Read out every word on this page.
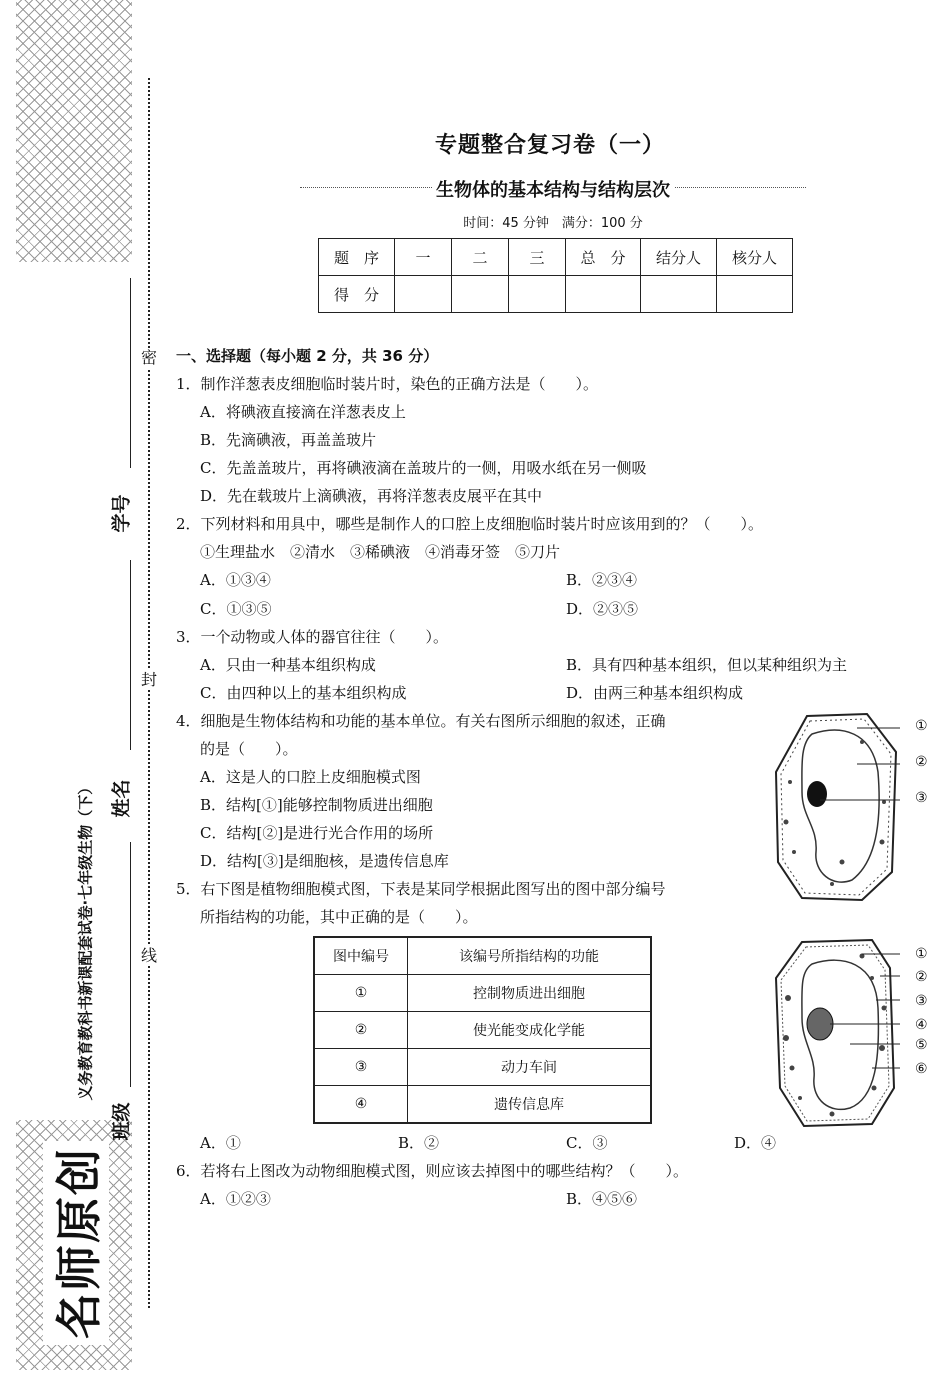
名师原创
义务教育教科书新课配套试卷·七年级生物（下）
学号
姓名
班级
密
封
线
专题整合复习卷（一）
生物体的基本结构与结构层次
时间：45 分钟　满分：100 分
题　序	一	二	三	总　分	结分人	核分人
得　分						
一、选择题（每小题 2 分，共 36 分）
1．制作洋葱表皮细胞临时装片时，染色的正确方法是（　　）。
A．将碘液直接滴在洋葱表皮上
B．先滴碘液，再盖盖玻片
C．先盖盖玻片，再将碘液滴在盖玻片的一侧，用吸水纸在另一侧吸
D．先在载玻片上滴碘液，再将洋葱表皮展平在其中
2．下列材料和用具中，哪些是制作人的口腔上皮细胞临时装片时应该用到的？（　　）。
①生理盐水　②清水　③稀碘液　④消毒牙签　⑤刀片
A．①③④	B．②③④
C．①③⑤	D．②③⑤
3．一个动物或人体的器官往往（　　）。
A．只由一种基本组织构成	B．具有四种基本组织，但以某种组织为主
C．由四种以上的基本组织构成	D．由两三种基本组织构成
4．细胞是生物体结构和功能的基本单位。有关右图所示细胞的叙述，正确
的是（　　）。
A．这是人的口腔上皮细胞模式图
B．结构[①]能够控制物质进出细胞
C．结构[②]是进行光合作用的场所
D．结构[③]是细胞核，是遗传信息库
①
②
③
5．右下图是植物细胞模式图，下表是某同学根据此图写出的图中部分编号
所指结构的功能，其中正确的是（　　）。
图中编号	该编号所指结构的功能
①	控制物质进出细胞
②	使光能变成化学能
③	动力车间
④	遗传信息库
①
②
③
④
⑤
⑥
A．①	B．②	C．③	D．④
6．若将右上图改为动物细胞模式图，则应该去掉图中的哪些结构？（　　）。
A．①②③	B．④⑤⑥
